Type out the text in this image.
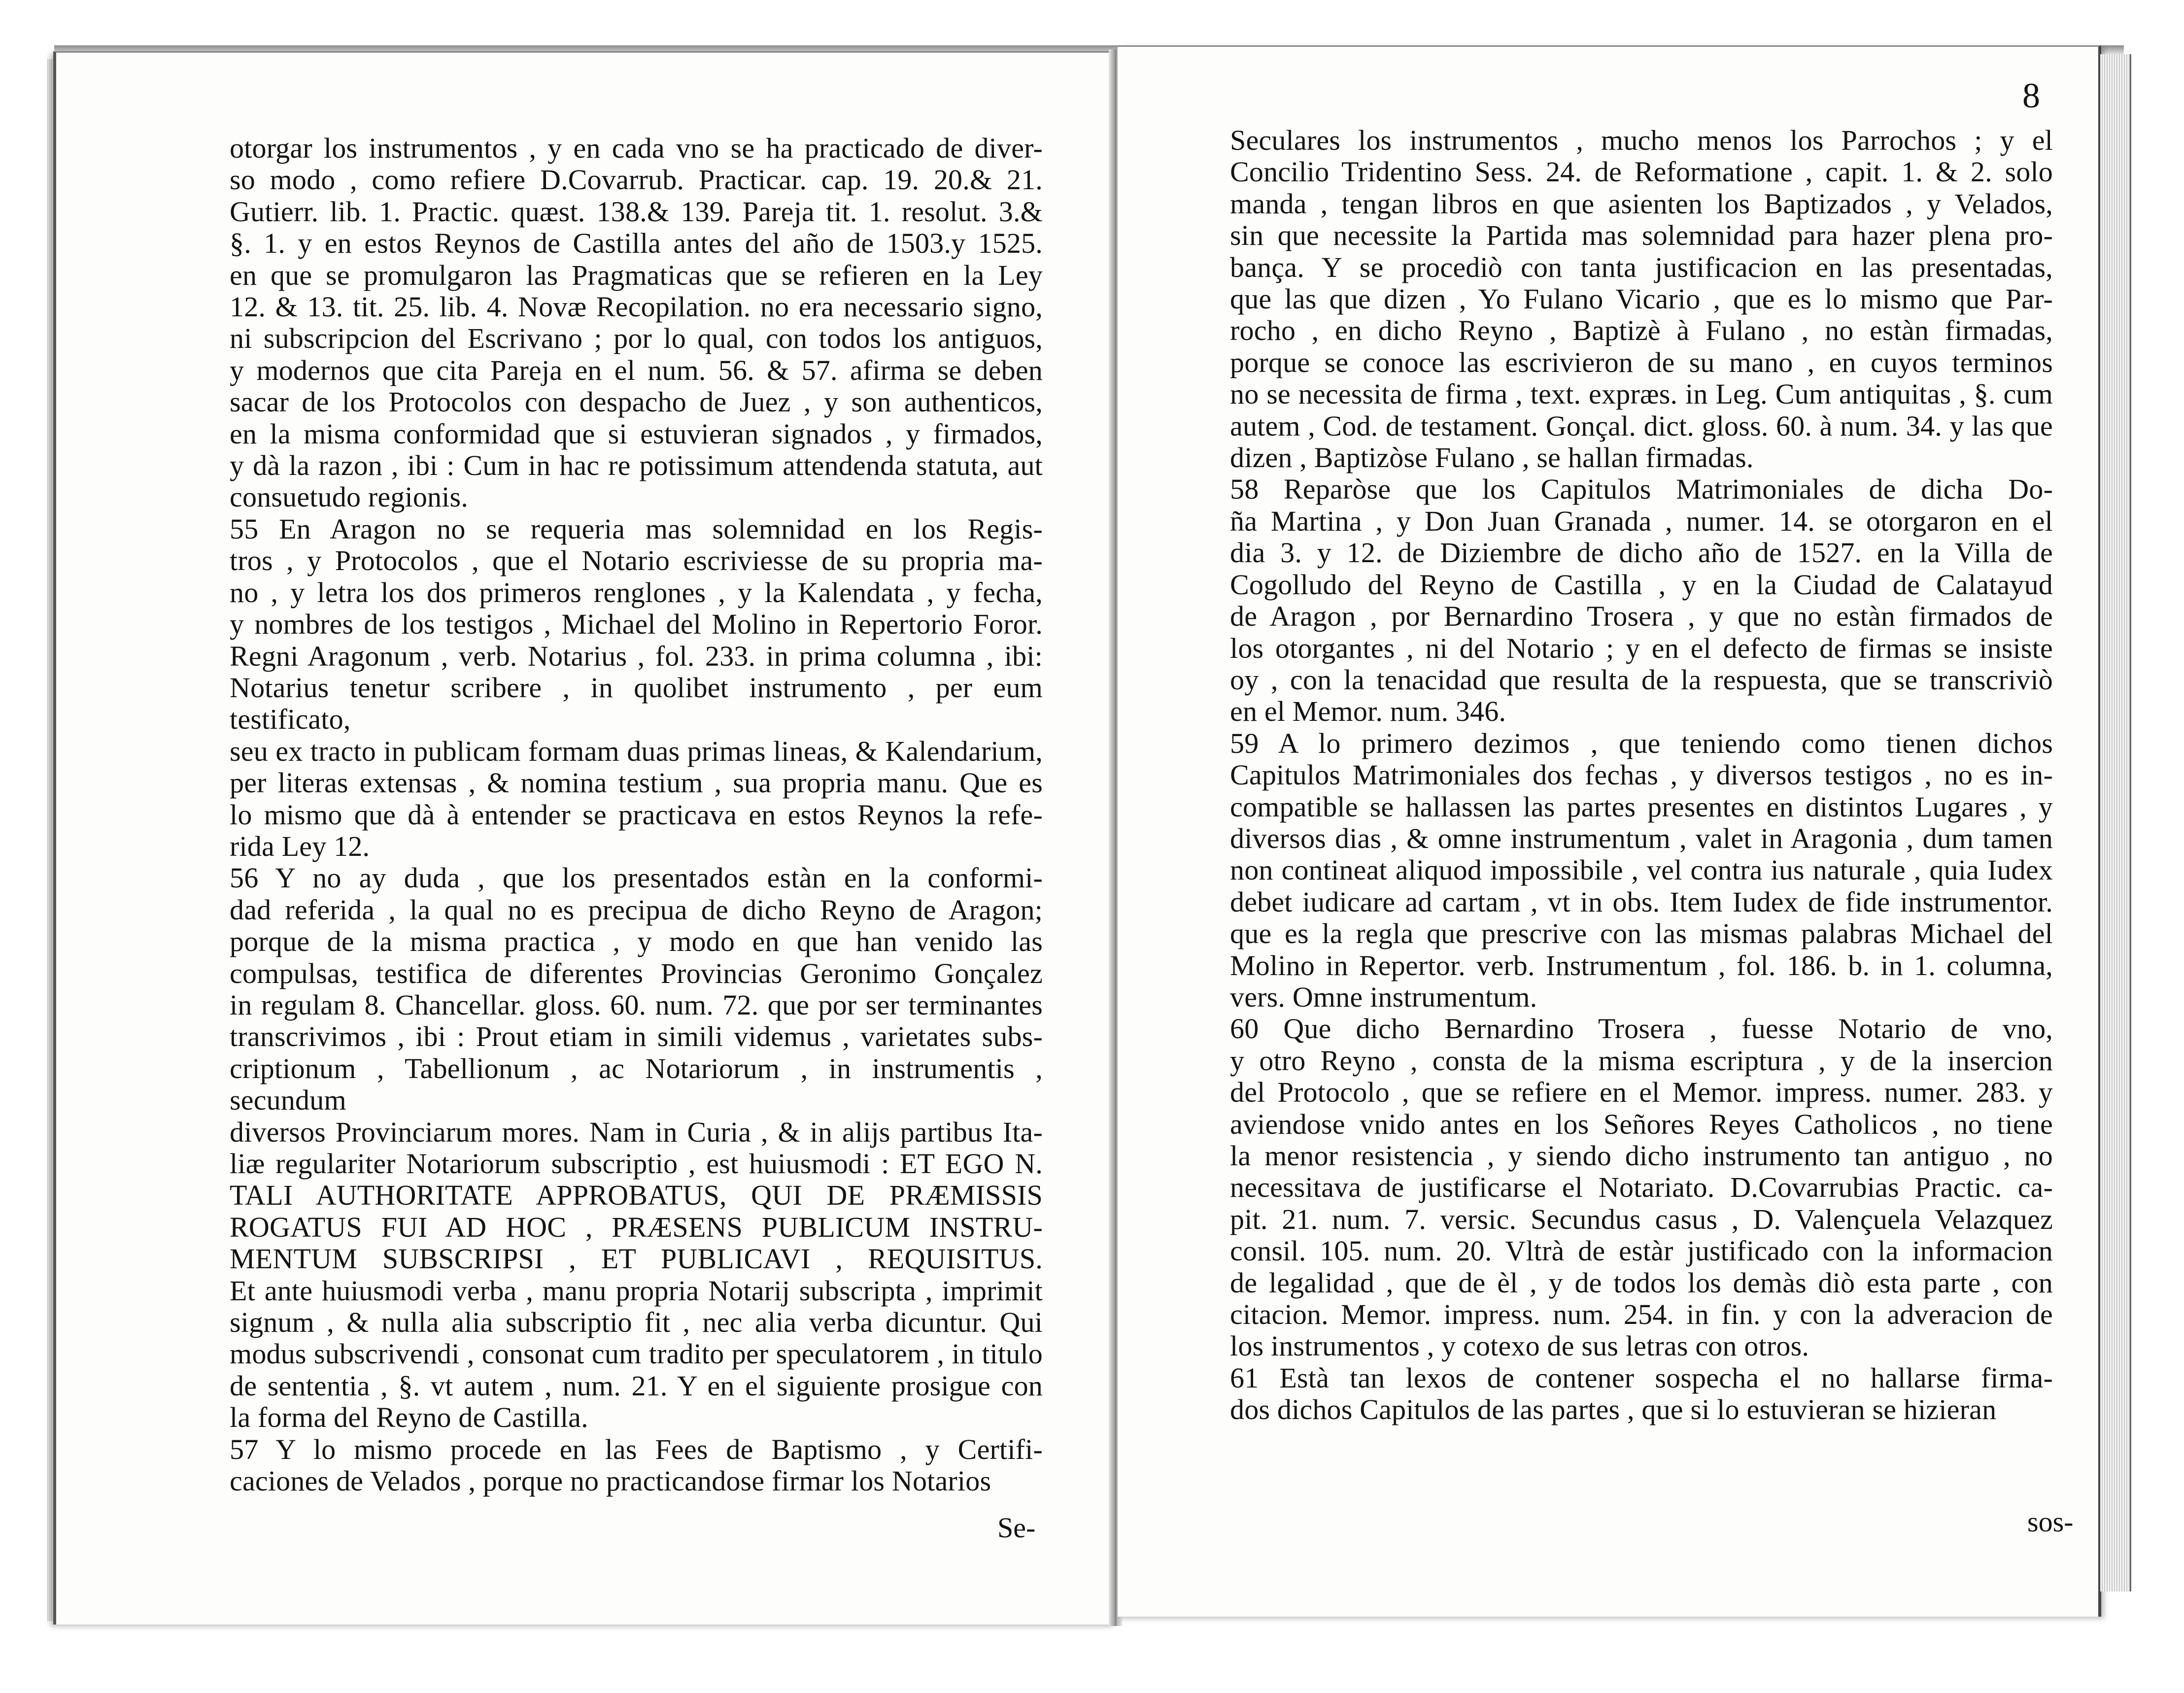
otorgar los instrumentos , y en cada vno se ha practicado de diver-

so modo , como refiere D.Covarrub. Practicar. cap. 19. 20.& 21.

Gutierr. lib. 1. Practic. quæst. 138.& 139. Pareja tit. 1. resolut. 3.&

§. 1. y en estos Reynos de Castilla antes del año de 1503.y 1525.

en que se promulgaron las Pragmaticas que se refieren en la Ley

12. & 13. tit. 25. lib. 4. Novæ Recopilation. no era necessario signo,

ni subscripcion del Escrivano ; por lo qual, con todos los antiguos,

y modernos que cita Pareja en el num. 56. & 57. afirma se deben

sacar de los Protocolos con despacho de Juez , y son authenticos,

en la misma conformidad que si estuvieran signados , y firmados,

y dà la razon , ibi : Cum in hac re potissimum attendenda statuta, aut

consuetudo regionis.

55 En Aragon no se requeria mas solemnidad en los Regis-

tros , y Protocolos , que el Notario escriviesse de su propria ma-

no , y letra los dos primeros renglones , y la Kalendata , y fecha,

y nombres de los testigos , Michael del Molino in Repertorio Foror.

Regni Aragonum , verb. Notarius , fol. 233. in prima columna , ibi:

Notarius tenetur scribere , in quolibet instrumento , per eum testificato,

seu ex tracto in publicam formam duas primas lineas, & Kalendarium,

per literas extensas , & nomina testium , sua propria manu. Que es

lo mismo que dà à entender se practicava en estos Reynos la refe-

rida Ley 12.

56 Y no ay duda , que los presentados estàn en la conformi-

dad referida , la qual no es precipua de dicho Reyno de Aragon;

porque de la misma practica , y modo en que han venido las

compulsas, testifica de diferentes Provincias Geronimo Gonçalez

in regulam 8. Chancellar. gloss. 60. num. 72. que por ser terminantes

transcrivimos , ibi : Prout etiam in simili videmus , varietates subs-

criptionum , Tabellionum , ac Notariorum , in instrumentis , secundum

diversos Provinciarum mores. Nam in Curia , & in alijs partibus Ita-

liæ regulariter Notariorum subscriptio , est huiusmodi : ET EGO N.

TALI AUTHORITATE APPROBATUS, QUI DE PRÆMISSIS

ROGATUS FUI AD HOC , PRÆSENS PUBLICUM INSTRU-

MENTUM SUBSCRIPSI , ET PUBLICAVI , REQUISITUS.

Et ante huiusmodi verba , manu propria Notarij subscripta , imprimit

signum , & nulla alia subscriptio fit , nec alia verba dicuntur. Qui

modus subscrivendi , consonat cum tradito per speculatorem , in titulo

de sententia , §. vt autem , num. 21. Y en el siguiente prosigue con

la forma del Reyno de Castilla.

57 Y lo mismo procede en las Fees de Baptismo , y Certifi-

caciones de Velados , porque no practicandose firmar los Notarios

Se-
8

Seculares los instrumentos , mucho menos los Parrochos ; y el

Concilio Tridentino Sess. 24. de Reformatione , capit. 1. & 2. solo

manda , tengan libros en que asienten los Baptizados , y Velados,

sin que necessite la Partida mas solemnidad para hazer plena pro-

bança. Y se procediò con tanta justificacion en las presentadas,

que las que dizen , Yo Fulano Vicario , que es lo mismo que Par-

rocho , en dicho Reyno , Baptizè à Fulano , no estàn firmadas,

porque se conoce las escrivieron de su mano , en cuyos terminos

no se necessita de firma , text. expræs. in Leg. Cum antiquitas , §. cum

autem , Cod. de testament. Gonçal. dict. gloss. 60. à num. 34. y las que

dizen , Baptizòse Fulano , se hallan firmadas.

58 Reparòse que los Capitulos Matrimoniales de dicha Do-

ña Martina , y Don Juan Granada , numer. 14. se otorgaron en el

dia 3. y 12. de Diziembre de dicho año de 1527. en la Villa de

Cogolludo del Reyno de Castilla , y en la Ciudad de Calatayud

de Aragon , por Bernardino Trosera , y que no estàn firmados de

los otorgantes , ni del Notario ; y en el defecto de firmas se insiste

oy , con la tenacidad que resulta de la respuesta, que se transcriviò

en el Memor. num. 346.

59 A lo primero dezimos , que teniendo como tienen dichos

Capitulos Matrimoniales dos fechas , y diversos testigos , no es in-

compatible se hallassen las partes presentes en distintos Lugares , y

diversos dias , & omne instrumentum , valet in Aragonia , dum tamen

non contineat aliquod impossibile , vel contra ius naturale , quia Iudex

debet iudicare ad cartam , vt in obs. Item Iudex de fide instrumentor.

que es la regla que prescrive con las mismas palabras Michael del

Molino in Repertor. verb. Instrumentum , fol. 186. b. in 1. columna,

vers. Omne instrumentum.

60 Que dicho Bernardino Trosera , fuesse Notario de vno,

y otro Reyno , consta de la misma escriptura , y de la insercion

del Protocolo , que se refiere en el Memor. impress. numer. 283. y

aviendose vnido antes en los Señores Reyes Catholicos , no tiene

la menor resistencia , y siendo dicho instrumento tan antiguo , no

necessitava de justificarse el Notariato. D.Covarrubias Practic. ca-

pit. 21. num. 7. versic. Secundus casus , D. Valençuela Velazquez

consil. 105. num. 20. Vltrà de estàr justificado con la informacion

de legalidad , que de èl , y de todos los demàs diò esta parte , con

citacion. Memor. impress. num. 254. in fin. y con la adveracion de

los instrumentos , y cotexo de sus letras con otros.

61 Està tan lexos de contener sospecha el no hallarse firma-

dos dichos Capitulos de las partes , que si lo estuvieran se hizieran

sos-
